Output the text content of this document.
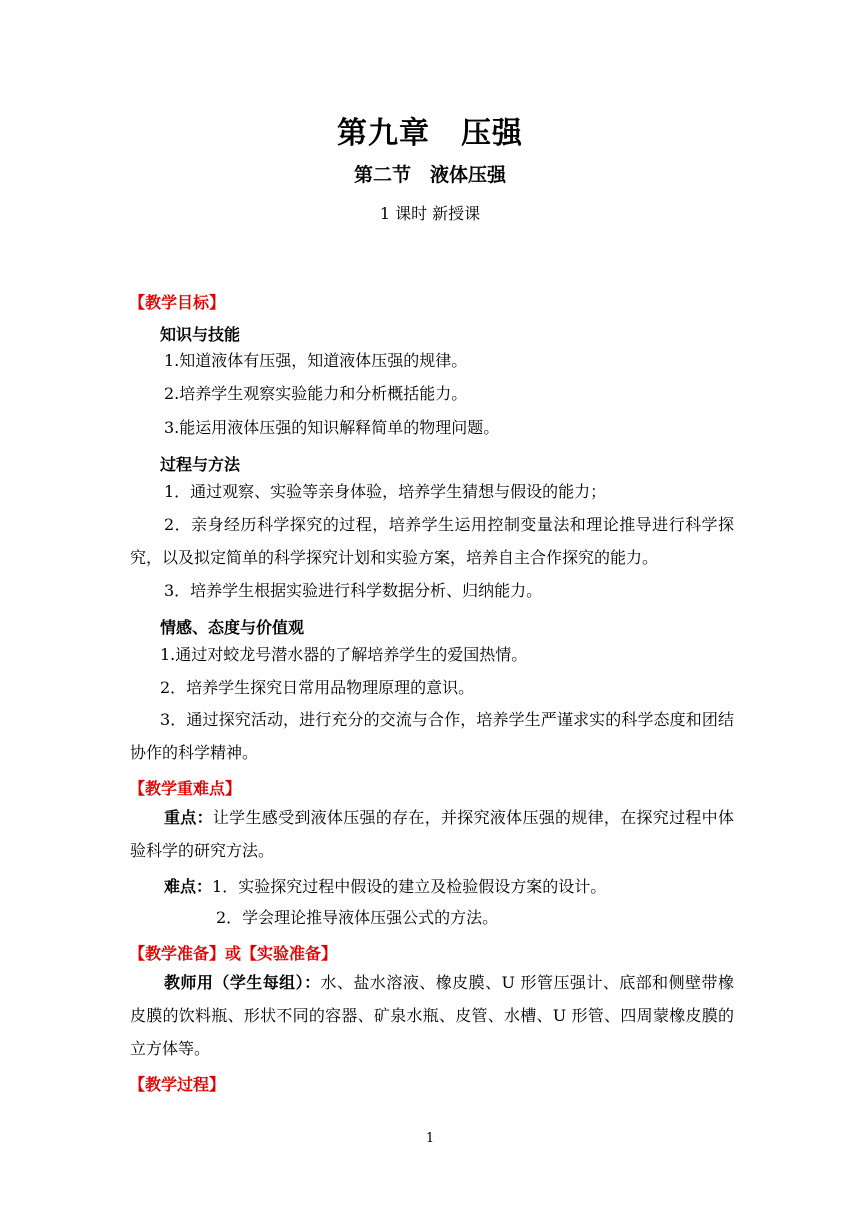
第九章　压强
第二节　液体压强
1 课时 新授课
【教学目标】
知识与技能
1.知道液体有压强，知道液体压强的规律。
2.培养学生观察实验能力和分析概括能力。
3.能运用液体压强的知识解释简单的物理问题。
过程与方法
1．通过观察、实验等亲身体验，培养学生猜想与假设的能力；
2．亲身经历科学探究的过程，培养学生运用控制变量法和理论推导进行科学探究，以及拟定简单的科学探究计划和实验方案，培养自主合作探究的能力。
3．培养学生根据实验进行科学数据分析、归纳能力。
情感、态度与价值观
1.通过对蛟龙号潜水器的了解培养学生的爱国热情。
2．培养学生探究日常用品物理原理的意识。
3．通过探究活动，进行充分的交流与合作，培养学生严谨求实的科学态度和团结协作的科学精神。
【教学重难点】
重点：让学生感受到液体压强的存在，并探究液体压强的规律，在探究过程中体验科学的研究方法。
难点：1．实验探究过程中假设的建立及检验假设方案的设计。
2．学会理论推导液体压强公式的方法。
【教学准备】或【实验准备】
教师用（学生每组）：水、盐水溶液、橡皮膜、U 形管压强计、底部和侧壁带橡皮膜的饮料瓶、形状不同的容器、矿泉水瓶、皮管、水槽、U 形管、四周蒙橡皮膜的立方体等。
【教学过程】
1
